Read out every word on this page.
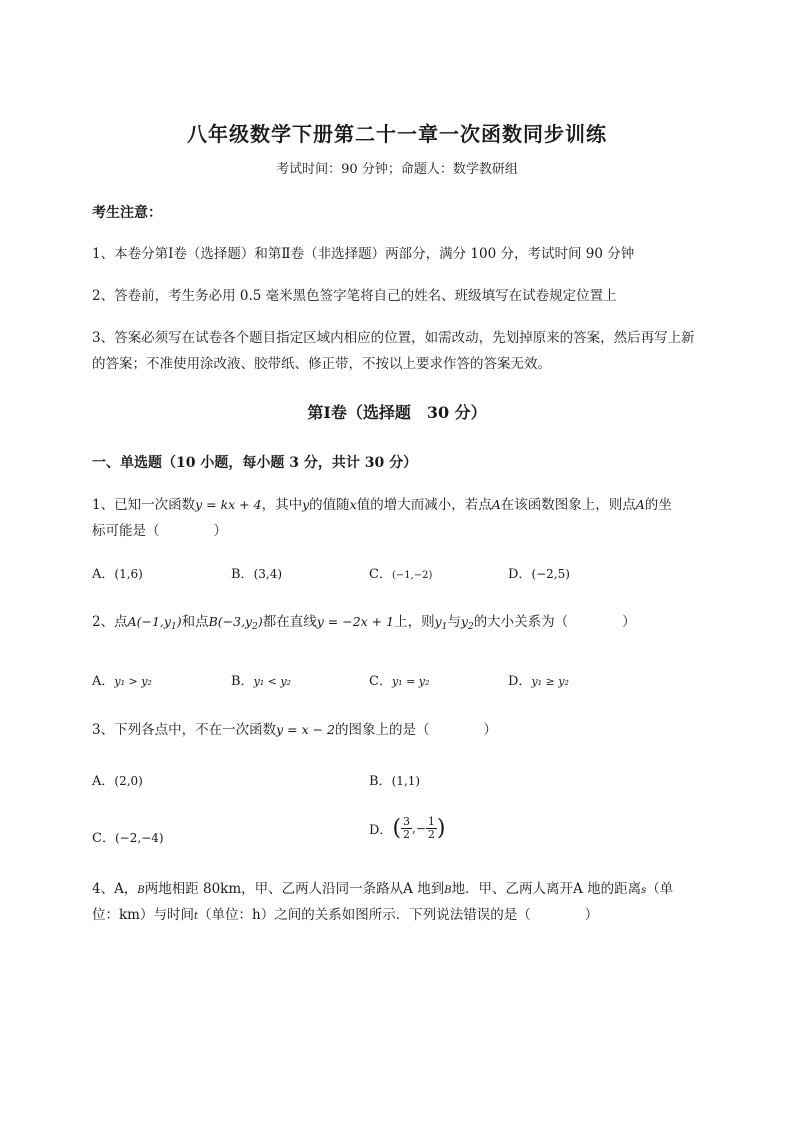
八年级数学下册第二十一章一次函数同步训练
考试时间：90 分钟；命题人：数学教研组
考生注意：
1、本卷分第Ⅰ卷（选择题）和第Ⅱ卷（非选择题）两部分，满分 100 分，考试时间 90 分钟
2、答卷前，考生务必用 0.5 毫米黑色签字笔将自己的姓名、班级填写在试卷规定位置上
3、答案必须写在试卷各个题目指定区域内相应的位置，如需改动，先划掉原来的答案，然后再写上新
的答案；不准使用涂改液、胶带纸、修正带，不按以上要求作答的答案无效。
第Ⅰ卷（选择题　30 分）
一、单选题（10 小题，每小题 3 分，共计 30 分）
1、已知一次函数y = kx + 4，其中y的值随x值的增大而减小，若点A在该函数图象上，则点A的坐
标可能是（　　　　）
A．(1,6)	B．(3,4)	C．(−1,−2)	D．(−2,5)
2、点$A(-1,y_1)$和点$B(-3,y_2)$都在直线y = −2x + 1上，则$y_1$与$y_2$的大小关系为（　　　　）
A．y₁ > y₂	B．y₁ < y₂	C．y₁ = y₂	D．y₁ ≥ y₂
3、下列各点中，不在一次函数y = x − 2的图象上的是（　　　　）
A．(2,0)	B．(1,1)
C．(−2,−4)	D．( $\frac{3}{2}$ ,− $\frac{1}{2}$ )
4、A，B两地相距 80km，甲、乙两人沿同一条路从A 地到B地．甲、乙两人离开A 地的距离s（单
位：km）与时间t（单位：h）之间的关系如图所示．下列说法错误的是（　　　　）
